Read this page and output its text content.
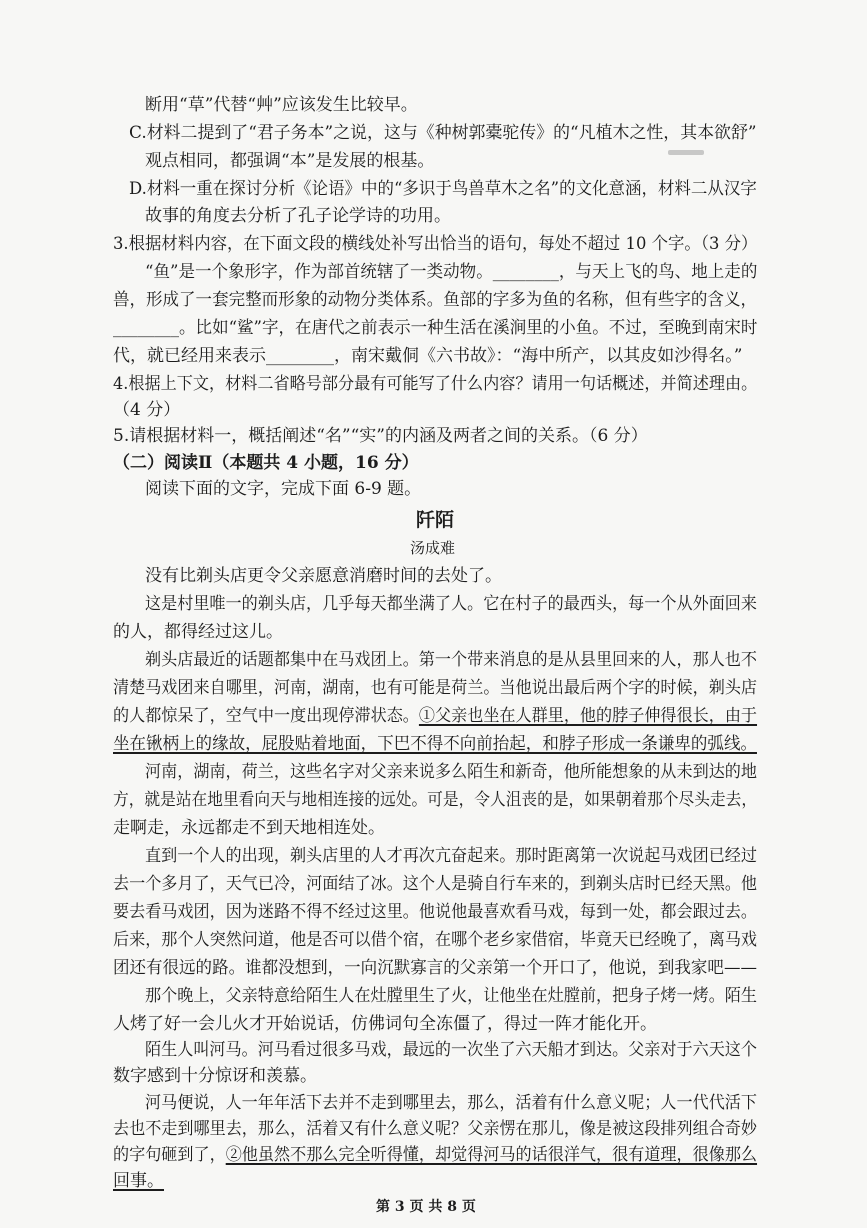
断用“草”代替“艸”应该发生比较早。
C.材料二提到了“君子务本”之说，这与《种树郭橐驼传》的“凡植木之性，其本欲舒”
观点相同，都强调“本”是发展的根基。
D.材料一重在探讨分析《论语》中的“多识于鸟兽草木之名”的文化意涵，材料二从汉字
故事的角度去分析了孔子论学诗的功用。
3.根据材料内容，在下面文段的横线处补写出恰当的语句，每处不超过 10 个字。（3 分）
“鱼”是一个象形字，作为部首统辖了一类动物。________，与天上飞的鸟、地上走的
兽，形成了一套完整而形象的动物分类体系。鱼部的字多为鱼的名称，但有些字的含义，
________。比如“鲨”字，在唐代之前表示一种生活在溪涧里的小鱼。不过，至晚到南宋时
代，就已经用来表示________，南宋戴侗《六书故》：“海中所产，以其皮如沙得名。”
4.根据上下文，材料二省略号部分最有可能写了什么内容？请用一句话概述，并简述理由。
（4 分）
5.请根据材料一，概括阐述“名”“实”的内涵及两者之间的关系。（6 分）
（二）阅读Ⅱ（本题共 4 小题，16 分）
阅读下面的文字，完成下面 6-9 题。
阡陌
汤成难
没有比剃头店更令父亲愿意消磨时间的去处了。
这是村里唯一的剃头店，几乎每天都坐满了人。它在村子的最西头，每一个从外面回来
的人，都得经过这儿。
剃头店最近的话题都集中在马戏团上。第一个带来消息的是从县里回来的人，那人也不
清楚马戏团来自哪里，河南，湖南，也有可能是荷兰。当他说出最后两个字的时候，剃头店
的人都惊呆了，空气中一度出现停滞状态。①父亲也坐在人群里，他的脖子伸得很长，由于
坐在锹柄上的缘故，屁股贴着地面，下巴不得不向前抬起，和脖子形成一条谦卑的弧线。
河南，湖南，荷兰，这些名字对父亲来说多么陌生和新奇，他所能想象的从未到达的地
方，就是站在地里看向天与地相连接的远处。可是，令人沮丧的是，如果朝着那个尽头走去，
走啊走，永远都走不到天地相连处。
直到一个人的出现，剃头店里的人才再次亢奋起来。那时距离第一次说起马戏团已经过
去一个多月了，天气已冷，河面结了冰。这个人是骑自行车来的，到剃头店时已经天黑。他
要去看马戏团，因为迷路不得不经过这里。他说他最喜欢看马戏，每到一处，都会跟过去。
后来，那个人突然问道，他是否可以借个宿，在哪个老乡家借宿，毕竟天已经晚了，离马戏
团还有很远的路。谁都没想到，一向沉默寡言的父亲第一个开口了，他说，到我家吧——
那个晚上，父亲特意给陌生人在灶膛里生了火，让他坐在灶膛前，把身子烤一烤。陌生
人烤了好一会儿火才开始说话，仿佛词句全冻僵了，得过一阵才能化开。
陌生人叫河马。河马看过很多马戏，最远的一次坐了六天船才到达。父亲对于六天这个
数字感到十分惊讶和羡慕。
河马便说，人一年年活下去并不走到哪里去，那么，活着有什么意义呢；人一代代活下
去也不走到哪里去，那么，活着又有什么意义呢？父亲愣在那儿，像是被这段排列组合奇妙
的字句砸到了，②他虽然不那么完全听得懂，却觉得河马的话很洋气，很有道理，很像那么
回事。
第 3 页 共 8 页
